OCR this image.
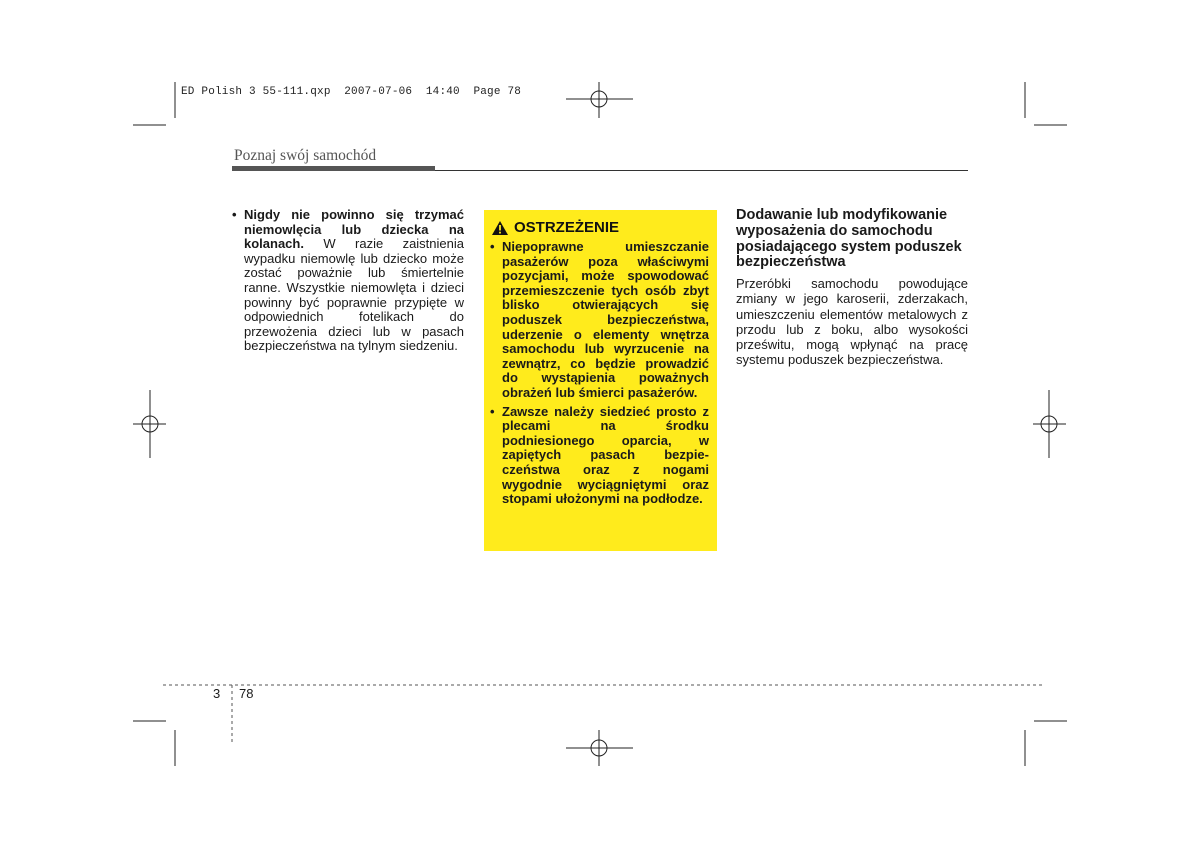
ED Polish 3 55-111.qxp  2007-07-06  14:40  Page 78
Poznaj swój samochód
• Nigdy nie powinno się trzymać niemowlęcia lub dziecka na kolanach. W razie zaistnienia wypadku niemowlę lub dziecko może zostać poważnie lub śmiertelnie ranne. Wszystkie niemowlęta i dzieci powinny być poprawnie przypięte w odpowiednich fotelikach do przewożenia dzieci lub w pasach bezpieczeństwa na tylnym siedzeniu.
OSTRZEŻENIE
• Niepoprawne umieszczanie pasażerów poza właściwymi pozycjami, może spowodować przemieszczenie tych osób zbyt blisko otwierających się poduszek bezpieczeństwa, uderzenie o elementy wnętrza samochodu lub wyrzucenie na zewnątrz, co będzie prowadzić do wystąpienia poważnych obrażeń lub śmierci pasażerów.
• Zawsze należy siedzieć prosto z plecami na środku podniesionego oparcia, w zapiętych pasach bezpie-czeństwa oraz z nogami wygodnie wyciągniętymi oraz stopami ułożonymi na podłodze.
Dodawanie lub modyfikowanie wyposażenia do samochodu posiadającego system poduszek bezpieczeństwa
Przeróbki samochodu powodujące zmiany w jego karoserii, zderzakach, umieszczeniu elementów metalowych z przodu lub z boku, albo wysokości prześwitu, mogą wpłynąć na pracę systemu poduszek bezpieczeństwa.
3 78
